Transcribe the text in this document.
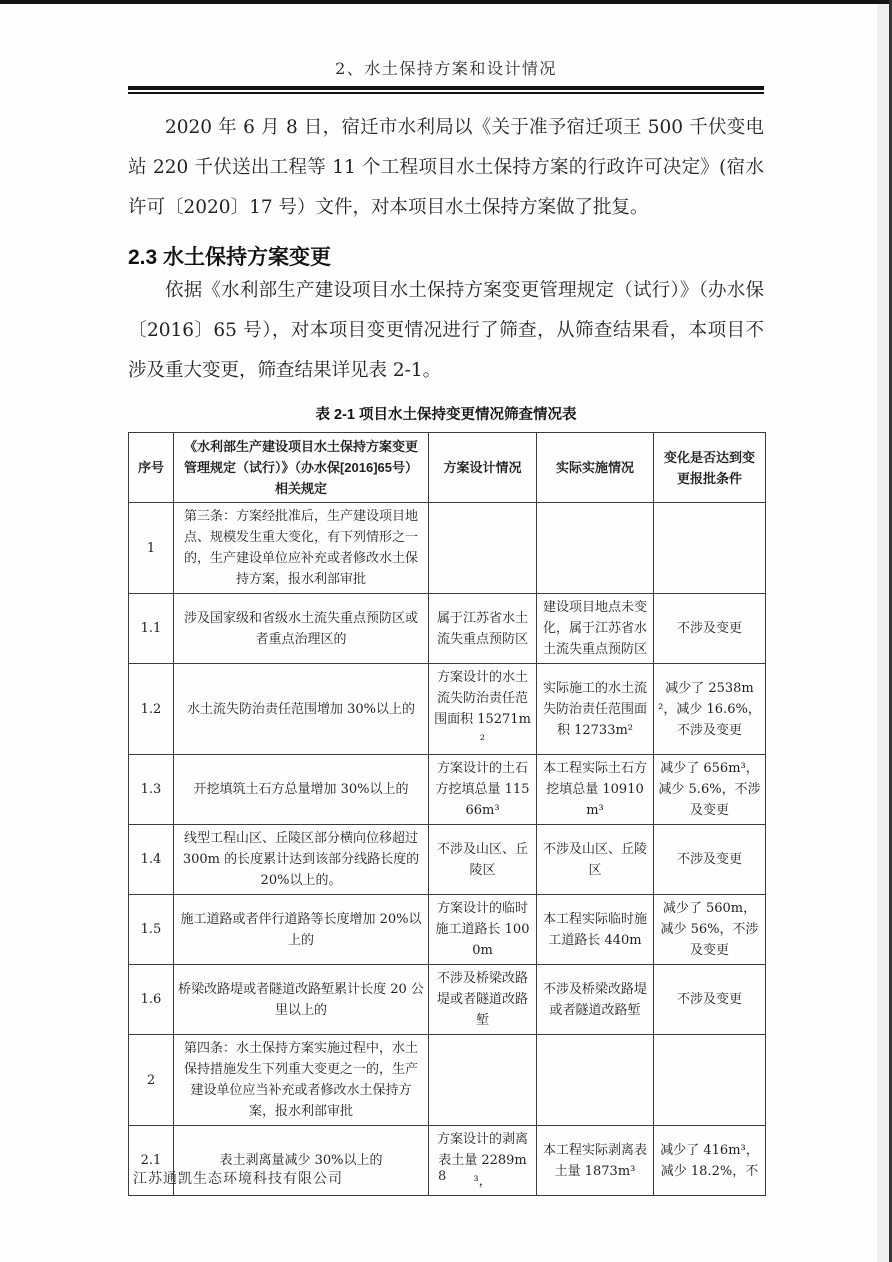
2、水土保持方案和设计情况

2020 年 6 月 8 日，宿迁市水利局以《关于准予宿迁项王 500 千伏变电站 220 千伏送出工程等 11 个工程项目水土保持方案的行政许可决定》(宿水许可〔2020〕17 号）文件，对本项目水土保持方案做了批复。

2.3 水土保持方案变更

依据《水利部生产建设项目水土保持方案变更管理规定（试行）》（办水保〔2016〕65 号），对本项目变更情况进行了筛查，从筛查结果看，本项目不涉及重大变更，筛查结果详见表 2-1。

表 2-1 项目水土保持变更情况筛查情况表
序号	《水利部生产建设项目水土保持方案变更管理规定（试行）》（办水保[2016]65号）相关规定	方案设计情况	实际实施情况	变化是否达到变更报批条件
1	第三条：方案经批准后，生产建设项目地点、规模发生重大变化，有下列情形之一的，生产建设单位应补充或者修改水土保持方案，报水利部审批			
1.1	涉及国家级和省级水土流失重点预防区或者重点治理区的	属于江苏省水土流失重点预防区	建设项目地点未变化，属于江苏省水土流失重点预防区	不涉及变更
1.2	水土流失防治责任范围增加 30%以上的	方案设计的水土流失防治责任范围面积 15271m²	实际施工的水土流失防治责任范围面积 12733m²	减少了 2538m²，减少 16.6%，不涉及变更
1.3	开挖填筑土石方总量增加 30%以上的	方案设计的土石方挖填总量 11566m³	本工程实际土石方挖填总量 10910m³	减少了 656m³，减少 5.6%，不涉及变更
1.4	线型工程山区、丘陵区部分横向位移超过 300m 的长度累计达到该部分线路长度的 20%以上的。	不涉及山区、丘陵区	不涉及山区、丘陵区	不涉及变更
1.5	施工道路或者伴行道路等长度增加 20%以上的	方案设计的临时施工道路长 1000m	本工程实际临时施工道路长 440m	减少了 560m，减少 56%，不涉及变更
1.6	桥梁改路堤或者隧道改路堑累计长度 20 公里以上的	不涉及桥梁改路堤或者隧道改路堑	不涉及桥梁改路堤或者隧道改路堑	不涉及变更
2	第四条：水土保持方案实施过程中，水土保持措施发生下列重大变更之一的，生产建设单位应当补充或者修改水土保持方案，报水利部审批			
2.1	表土剥离量减少 30%以上的	方案设计的剥离表土量 2289m³，	本工程实际剥离表土量 1873m³	减少了 416m³，减少 18.2%，不
江苏通凯生态环境科技有限公司	8
